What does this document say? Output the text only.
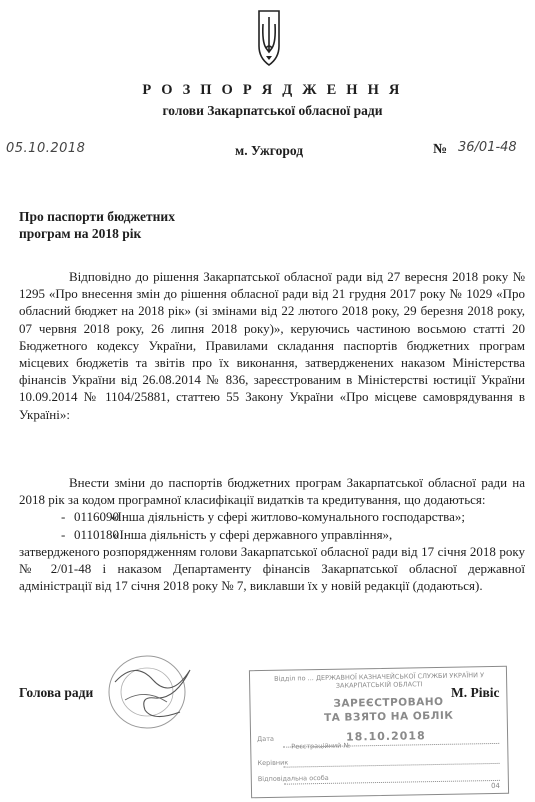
Р О З П О Р Я Д Ж Е Н Н Я
голови Закарпатської обласної ради
05.10.2018	м. Ужгород	№ 36/01-48
Про паспорти бюджетних
програм на 2018 рік
Відповідно до рішення Закарпатської обласної ради від 27 вересня 2018 року № 1295 «Про внесення змін до рішення обласної ради від 21 грудня 2017 року № 1029 «Про обласний бюджет на 2018 рік» (зі змінами від 22 лютого 2018 року, 29 березня 2018 року, 07 червня 2018 року, 26 липня 2018 року)», керуючись частиною восьмою статті 20 Бюджетного кодексу України, Правилами складання паспортів бюджетних програм місцевих бюджетів та звітів про їх виконання, затвердженених наказом Міністерства фінансів України від 26.08.2014 № 836, зареєстрованим в Міністерстві юстиції України 10.09.2014 № 1104/25881, статтею 55 Закону України «Про місцеве самоврядування в Україні»:
Внести зміни до паспортів бюджетних програм Закарпатської обласної ради на 2018 рік за кодом програмної класифікації видатків та кредитування, що додаються:
- 0116090
«Інша діяльність у сфері житлово-комунального господарства»;
- 0110180
«Інша діяльність у сфері державного управління»,
затвердженого розпорядженням голови Закарпатської обласної ради від 17 січня 2018 року № 2/01-48 і наказом Департаменту фінансів Закарпатської обласної державної адміністрації від 17 січня 2018 року № 7, виклавши їх у новій редакції (додаються).
Голова ради	М. Рівіс
Відділ по ... ДЕРЖАВНОЇ КАЗНАЧЕЙСЬКОЇ СЛУЖБИ УКРАЇНИ У ЗАКАРПАТСЬКІЙ ОБЛАСТІ
ЗАРЕЄСТРОВАНО
ТА ВЗЯТО НА ОБЛІК
Дата	18.10.2018
Реєстраційний №
Керівник
Відповідальна особа
04
